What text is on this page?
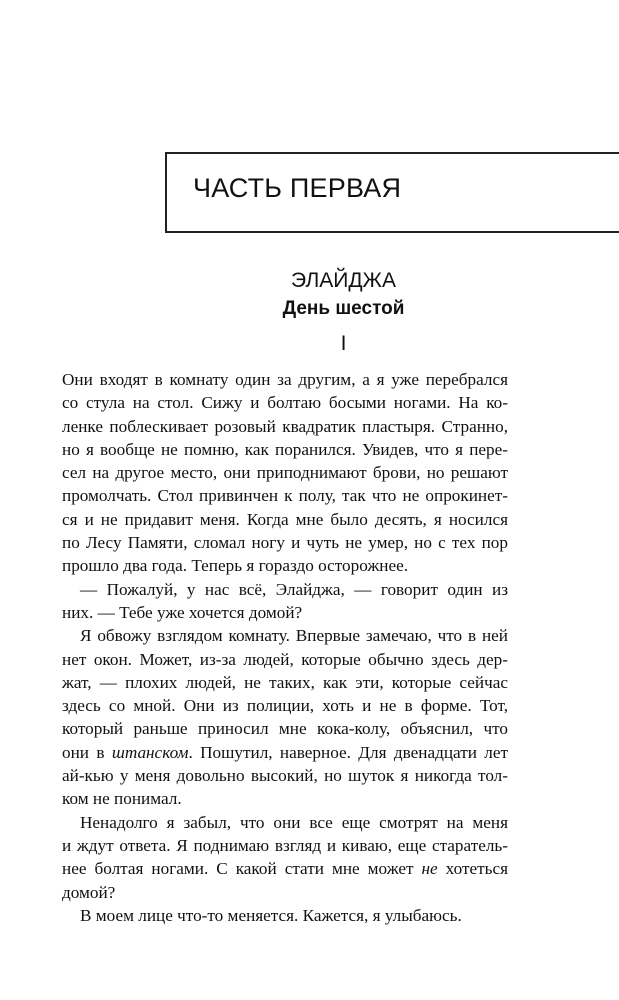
ЧАСТЬ ПЕРВАЯ
ЭЛАЙДЖА
День шестой
I
Они входят в комнату один за другим, а я уже перебрался
со стула на стол. Сижу и болтаю босыми ногами. На ко-
ленке поблескивает розовый квадратик пластыря. Странно,
но я вообще не помню, как поранился. Увидев, что я пере-
сел на другое место, они приподнимают брови, но решают
промолчать. Стол привинчен к полу, так что не опрокинет-
ся и не придавит меня. Когда мне было десять, я носился
по Лесу Памяти, сломал ногу и чуть не умер, но с тех пор
прошло два года. Теперь я гораздо осторожнее.
— Пожалуй, у нас всё, Элайджа, — говорит один из
них. — Тебе уже хочется домой?
Я обвожу взглядом комнату. Впервые замечаю, что в ней
нет окон. Может, из-за людей, которые обычно здесь дер-
жат, — плохих людей, не таких, как эти, которые сейчас
здесь со мной. Они из полиции, хоть и не в форме. Тот,
который раньше приносил мне кока-колу, объяснил, что
они в штанском. Пошутил, наверное. Для двенадцати лет
ай-кью у меня довольно высокий, но шуток я никогда тол-
ком не понимал.
Ненадолго я забыл, что они все еще смотрят на меня
и ждут ответа. Я поднимаю взгляд и киваю, еще старатель-
нее болтая ногами. С какой стати мне может не хотеться
домой?
В моем лице что-то меняется. Кажется, я улыбаюсь.
